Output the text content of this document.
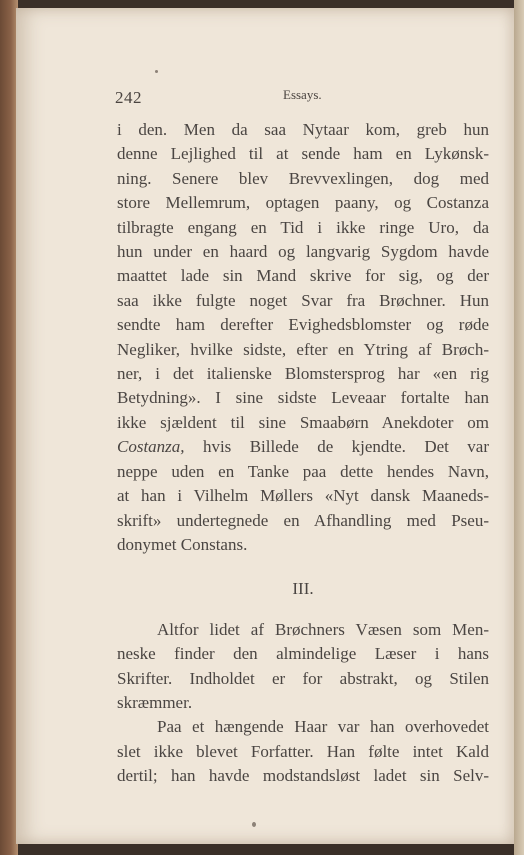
242	Essays.
i den. Men da saa Nytaar kom, greb hun
denne Lejlighed til at sende ham en Lykønsk-
ning. Senere blev Brevvexlingen, dog med
store Mellemrum, optagen paany, og Costanza
tilbragte engang en Tid i ikke ringe Uro, da
hun under en haard og langvarig Sygdom havde
maattet lade sin Mand skrive for sig, og der
saa ikke fulgte noget Svar fra Brøchner. Hun
sendte ham derefter Evighedsblomster og røde
Negliker, hvilke sidste, efter en Ytring af Brøch-
ner, i det italienske Blomstersprog har «en rig
Betydning». I sine sidste Leveaar fortalte han
ikke sjældent til sine Smaabørn Anekdoter om
Costanza, hvis Billede de kjendte. Det var
neppe uden en Tanke paa dette hendes Navn,
at han i Vilhelm Møllers «Nyt dansk Maaneds-
skrift» undertegnede en Afhandling med Pseu-
donymet Constans.
III.
Altfor lidet af Brøchners Væsen som Men-
neske finder den almindelige Læser i hans
Skrifter. Indholdet er for abstrakt, og Stilen
skræmmer.
Paa et hængende Haar var han overhovedet
slet ikke blevet Forfatter. Han følte intet Kald
dertil; han havde modstandsløst ladet sin Selv-
